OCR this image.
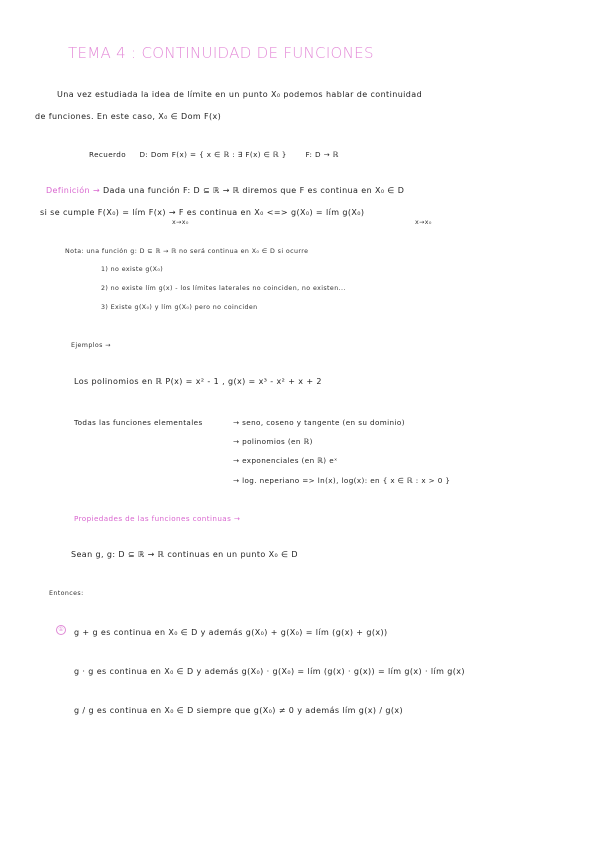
TEMA 4 : CONTINUIDAD DE FUNCIONES
Una vez estudiada la idea de límite en un punto X₀ podemos hablar de continuidad
de funciones. En este caso, X₀ ∈ Dom F(x)
Recuerdo D: Dom F(x) = { x ∈ ℝ : ∃ F(x) ∈ ℝ }	F: D → ℝ
Definición → Dada una función F: D ⊆ ℝ → ℝ diremos que F es continua en X₀ ∈ D
si se cumple F(X₀) = lím F(x) → F es continua en X₀ <=> g(X₀) = lím g(X₀)
x→x₀	x→x₀
Nota: una función g: D ⊆ ℝ → ℝ no será continua en X₀ ∈ D si ocurre
1) no existe g(X₀)
2) no existe lím g(x) - los límites laterales no coinciden, no existen...
3) Existe g(X₀) y lím g(X₀) pero no coinciden
Ejemplos →
Los polinomios en ℝ P(x) = x² - 1 , g(x) = x³ - x² + x + 2
Todas las funciones elementales	→ seno, coseno y tangente (en su dominio)
→ polinomios (en ℝ)
→ exponenciales (en ℝ) eˣ
→ log. neperiano => ln(x), log(x): en { x ∈ ℝ : x > 0 }
Propiedades de las funciones continuas →
Sean g, g: D ⊆ ℝ → ℝ continuas en un punto X₀ ∈ D
Entonces:
① g + g es continua en X₀ ∈ D y además g(X₀) + g(X₀) = lím (g(x) + g(x))
g · g es continua en X₀ ∈ D y además g(X₀) · g(X₀) = lím (g(x) · g(x)) = lím g(x) · lím g(x)
g / g es continua en X₀ ∈ D siempre que g(X₀) ≠ 0 y además lím g(x) / g(x)
